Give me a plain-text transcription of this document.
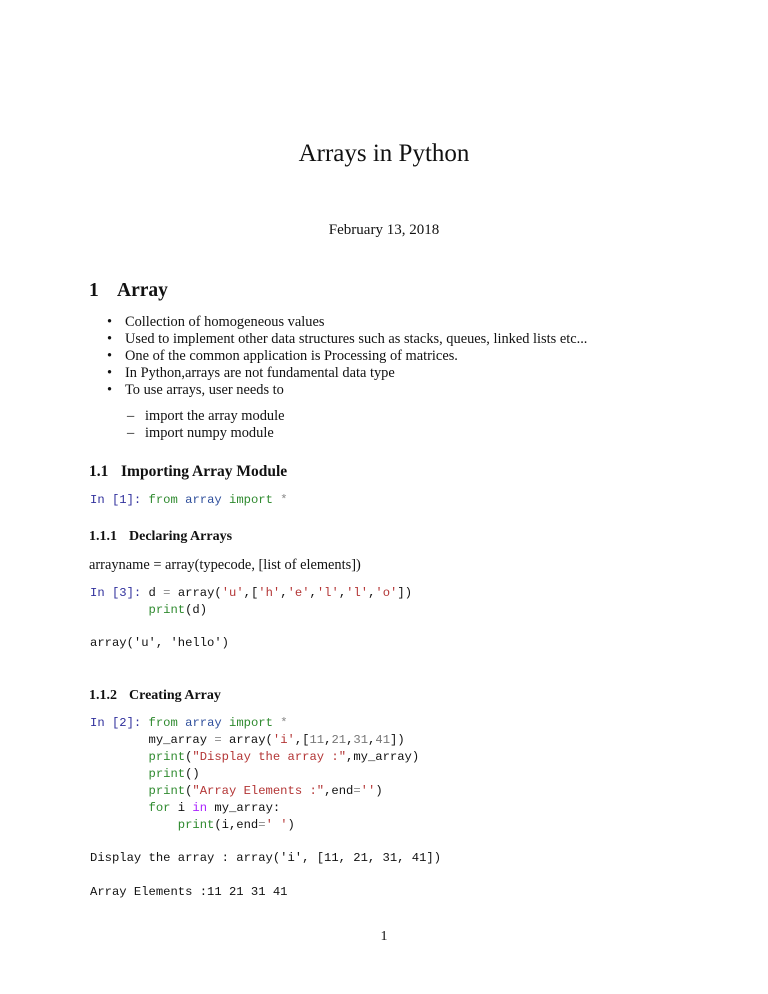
Arrays in Python
February 13, 2018
1 Array
• Collection of homogeneous values
• Used to implement other data structures such as stacks, queues, linked lists etc...
• One of the common application is Processing of matrices.
• In Python,arrays are not fundamental data type
• To use arrays, user needs to
– import the array module
– import numpy module
1.1 Importing Array Module
In [1]: from array import *
1.1.1 Declaring Arrays
arrayname = array(typecode, [list of elements])
In [3]: d = array('u',['h','e','l','l','o'])
print(d)
array('u', 'hello')
1.1.2 Creating Array
In [2]: from array import *
my_array = array('i',[11,21,31,41])
print("Display the array :",my_array)
print()
print("Array Elements :",end='')
for i in my_array:
print(i,end=' ')
Display the array : array('i', [11, 21, 31, 41])
Array Elements :11 21 31 41
1
